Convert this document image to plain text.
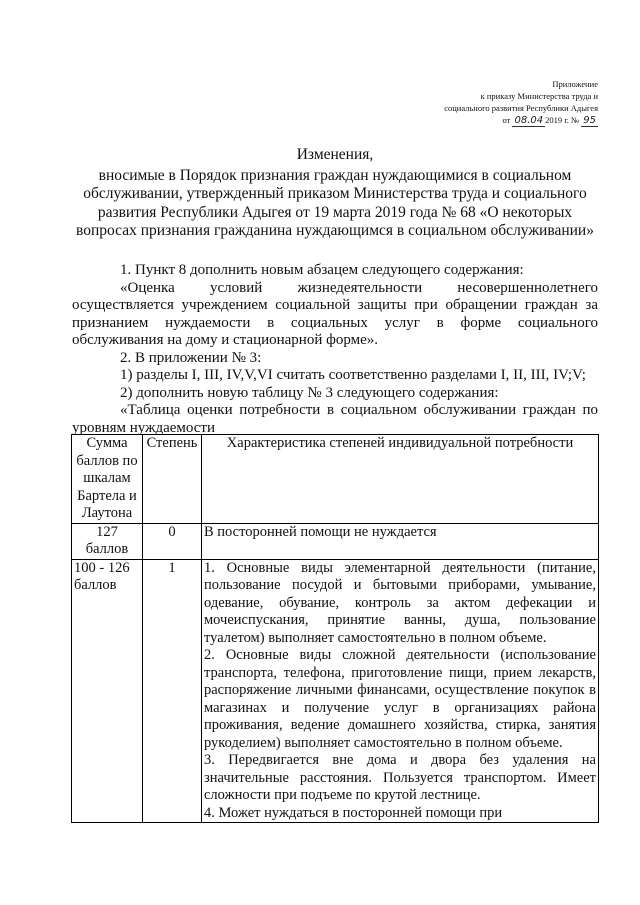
Приложение
к приказу Министерства труда и
социального развития Республики Адыгея
от 08.04 2019 г. № 95
Изменения,
вносимые в Порядок признания граждан нуждающимися в социальном обслуживании, утвержденный приказом Министерства труда и социального развития Республики Адыгея от 19 марта 2019 года № 68 «О некоторых вопросах признания гражданина нуждающимся в социальном обслуживании»

1. Пункт 8 дополнить новым абзацем следующего содержания:

«Оценка условий жизнедеятельности несовершеннолетнего осуществляется учреждением социальной защиты при обращении граждан за признанием нуждаемости в социальных услуг в форме социального обслуживания на дому и стационарной форме».

2. В приложении № 3:

1) разделы I, III, IV,V,VI считать соответственно разделами I, II, III, IV;V;

2) дополнить новую таблицу № 3 следующего содержания:

«Таблица оценки потребности в социальном обслуживании граждан по уровням нуждаемости

Сумма баллов по шкалам Бартела и Лаутона	Степень	Характеристика степеней индивидуальной потребности
127 баллов	0	В посторонней помощи не нуждается

100 - 126 баллов	1	1. Основные виды элементарной деятельности (питание, пользование посудой и бытовыми приборами, умывание, одевание, обувание, контроль за актом дефекации и мочеиспускания, принятие ванны, душа, пользование туалетом) выполняет самостоятельно в полном объеме.

2. Основные виды сложной деятельности (использование транспорта, телефона, приготовление пищи, прием лекарств, распоряжение личными финансами, осуществление покупок в магазинах и получение услуг в организациях района проживания, ведение домашнего хозяйства, стирка, занятия рукоделием) выполняет самостоятельно в полном объеме.

3. Передвигается вне дома и двора без удаления на значительные расстояния. Пользуется транспортом. Имеет сложности при подъеме по крутой лестнице.

4. Может нуждаться в посторонней помощи при
